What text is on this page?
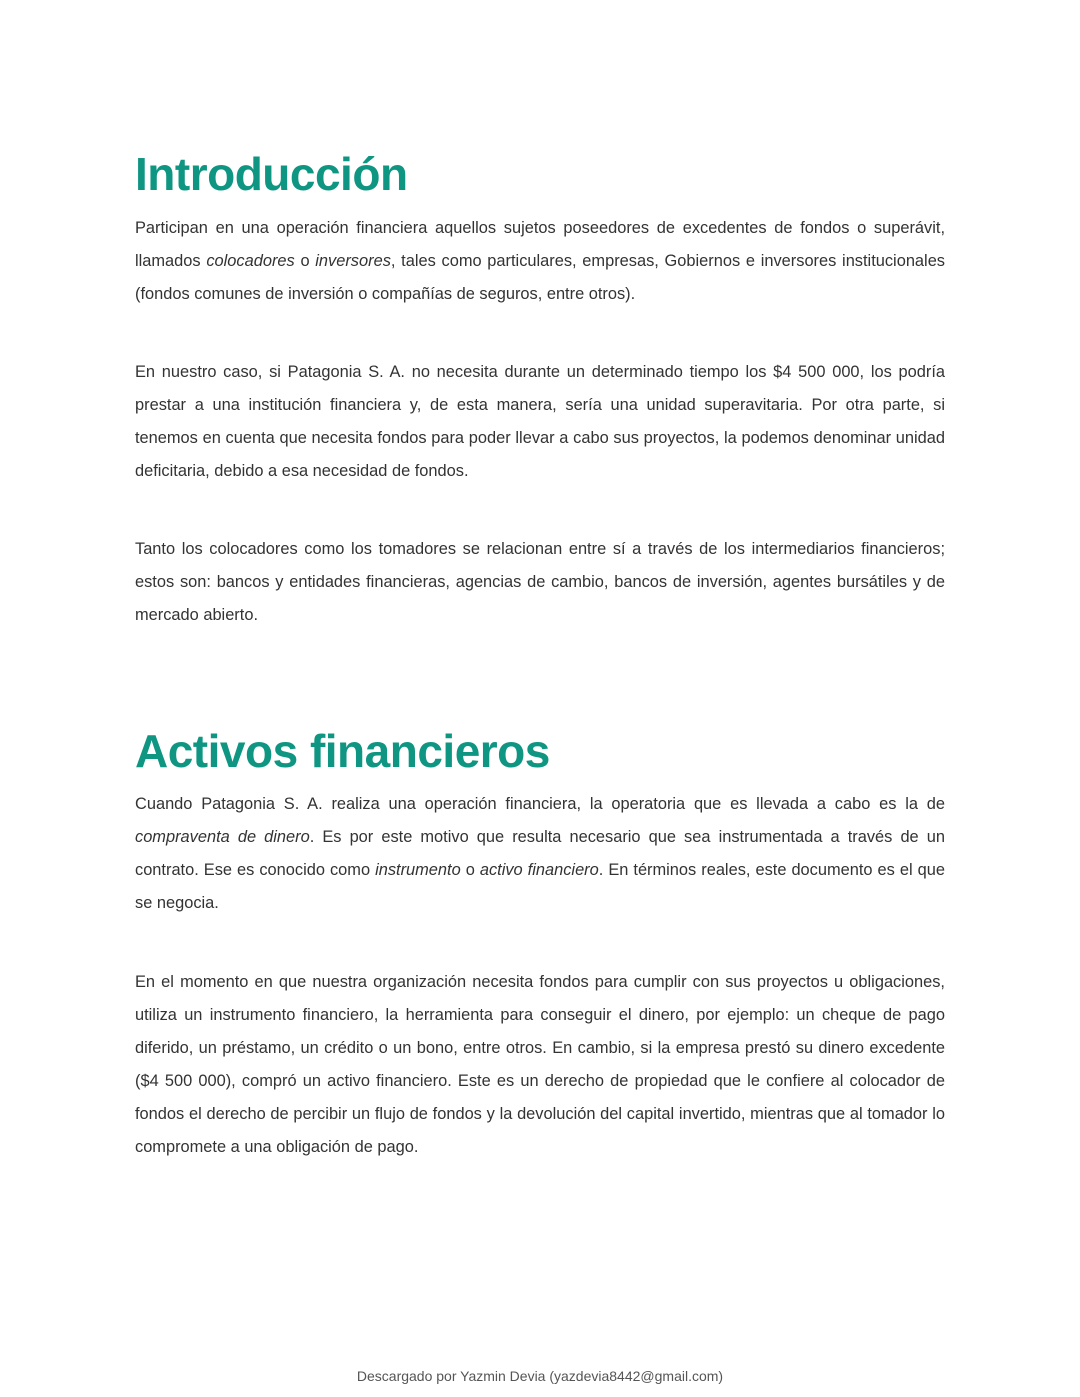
Introducción

Participan en una operación financiera aquellos sujetos poseedores de excedentes de fondos o superávit, llamados colocadores o inversores, tales como particulares, empresas, Gobiernos e inversores institucionales (fondos comunes de inversión o compañías de seguros, entre otros).

En nuestro caso, si Patagonia S. A. no necesita durante un determinado tiempo los $4 500 000, los podría prestar a una institución financiera y, de esta manera, sería una unidad superavitaria. Por otra parte, si tenemos en cuenta que necesita fondos para poder llevar a cabo sus proyectos, la podemos denominar unidad deficitaria, debido a esa necesidad de fondos.

Tanto los colocadores como los tomadores se relacionan entre sí a través de los intermediarios financieros; estos son: bancos y entidades financieras, agencias de cambio, bancos de inversión, agentes bursátiles y de mercado abierto.

Activos financieros

Cuando Patagonia S. A. realiza una operación financiera, la operatoria que es llevada a cabo es la de compraventa de dinero. Es por este motivo que resulta necesario que sea instrumentada a través de un contrato. Ese es conocido como instrumento o activo financiero. En términos reales, este documento es el que se negocia.

En el momento en que nuestra organización necesita fondos para cumplir con sus proyectos u obligaciones, utiliza un instrumento financiero, la herramienta para conseguir el dinero, por ejemplo: un cheque de pago diferido, un préstamo, un crédito o un bono, entre otros. En cambio, si la empresa prestó su dinero excedente ($4 500 000), compró un activo financiero. Este es un derecho de propiedad que le confiere al colocador de fondos el derecho de percibir un flujo de fondos y la devolución del capital invertido, mientras que al tomador lo compromete a una obligación de pago.

Descargado por Yazmin Devia (yazdevia8442@gmail.com)
